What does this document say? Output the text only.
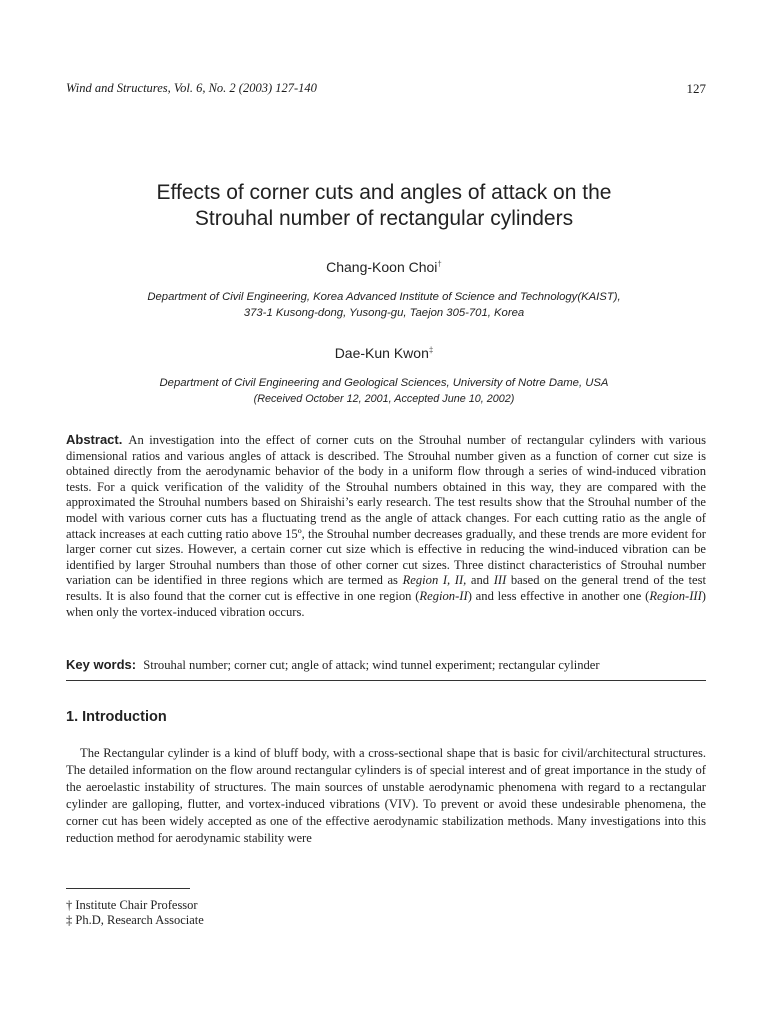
Wind and Structures, Vol. 6, No. 2 (2003) 127-140	127
Effects of corner cuts and angles of attack on the
Strouhal number of rectangular cylinders
Chang-Koon Choi†
Department of Civil Engineering, Korea Advanced Institute of Science and Technology(KAIST),
373-1 Kusong-dong, Yusong-gu, Taejon 305-701, Korea
Dae-Kun Kwon‡
Department of Civil Engineering and Geological Sciences, University of Notre Dame, USA
(Received October 12, 2001, Accepted June 10, 2002)
Abstract. An investigation into the effect of corner cuts on the Strouhal number of rectangular cylinders with various dimensional ratios and various angles of attack is described. The Strouhal number given as a function of corner cut size is obtained directly from the aerodynamic behavior of the body in a uniform flow through a series of wind-induced vibration tests. For a quick verification of the validity of the Strouhal numbers obtained in this way, they are compared with the approximated the Strouhal numbers based on Shiraishi’s early research. The test results show that the Strouhal number of the model with various corner cuts has a fluctuating trend as the angle of attack changes. For each cutting ratio as the angle of attack increases at each cutting ratio above 15º, the Strouhal number decreases gradually, and these trends are more evident for larger corner cut sizes. However, a certain corner cut size which is effective in reducing the wind-induced vibration can be identified by larger Strouhal numbers than those of other corner cut sizes. Three distinct characteristics of Strouhal number variation can be identified in three regions which are termed as Region I, II, and III based on the general trend of the test results. It is also found that the corner cut is effective in one region (Region-II) and less effective in another one (Region-III) when only the vortex-induced vibration occurs.
Key words: Strouhal number; corner cut; angle of attack; wind tunnel experiment; rectangular cylinder
1. Introduction
The Rectangular cylinder is a kind of bluff body, with a cross-sectional shape that is basic for civil/architectural structures. The detailed information on the flow around rectangular cylinders is of special interest and of great importance in the study of the aeroelastic instability of structures. The main sources of unstable aerodynamic phenomena with regard to a rectangular cylinder are galloping, flutter, and vortex-induced vibrations (VIV). To prevent or avoid these undesirable phenomena, the corner cut has been widely accepted as one of the effective aerodynamic stabilization methods. Many investigations into this reduction method for aerodynamic stability were
† Institute Chair Professor
‡ Ph.D, Research Associate
